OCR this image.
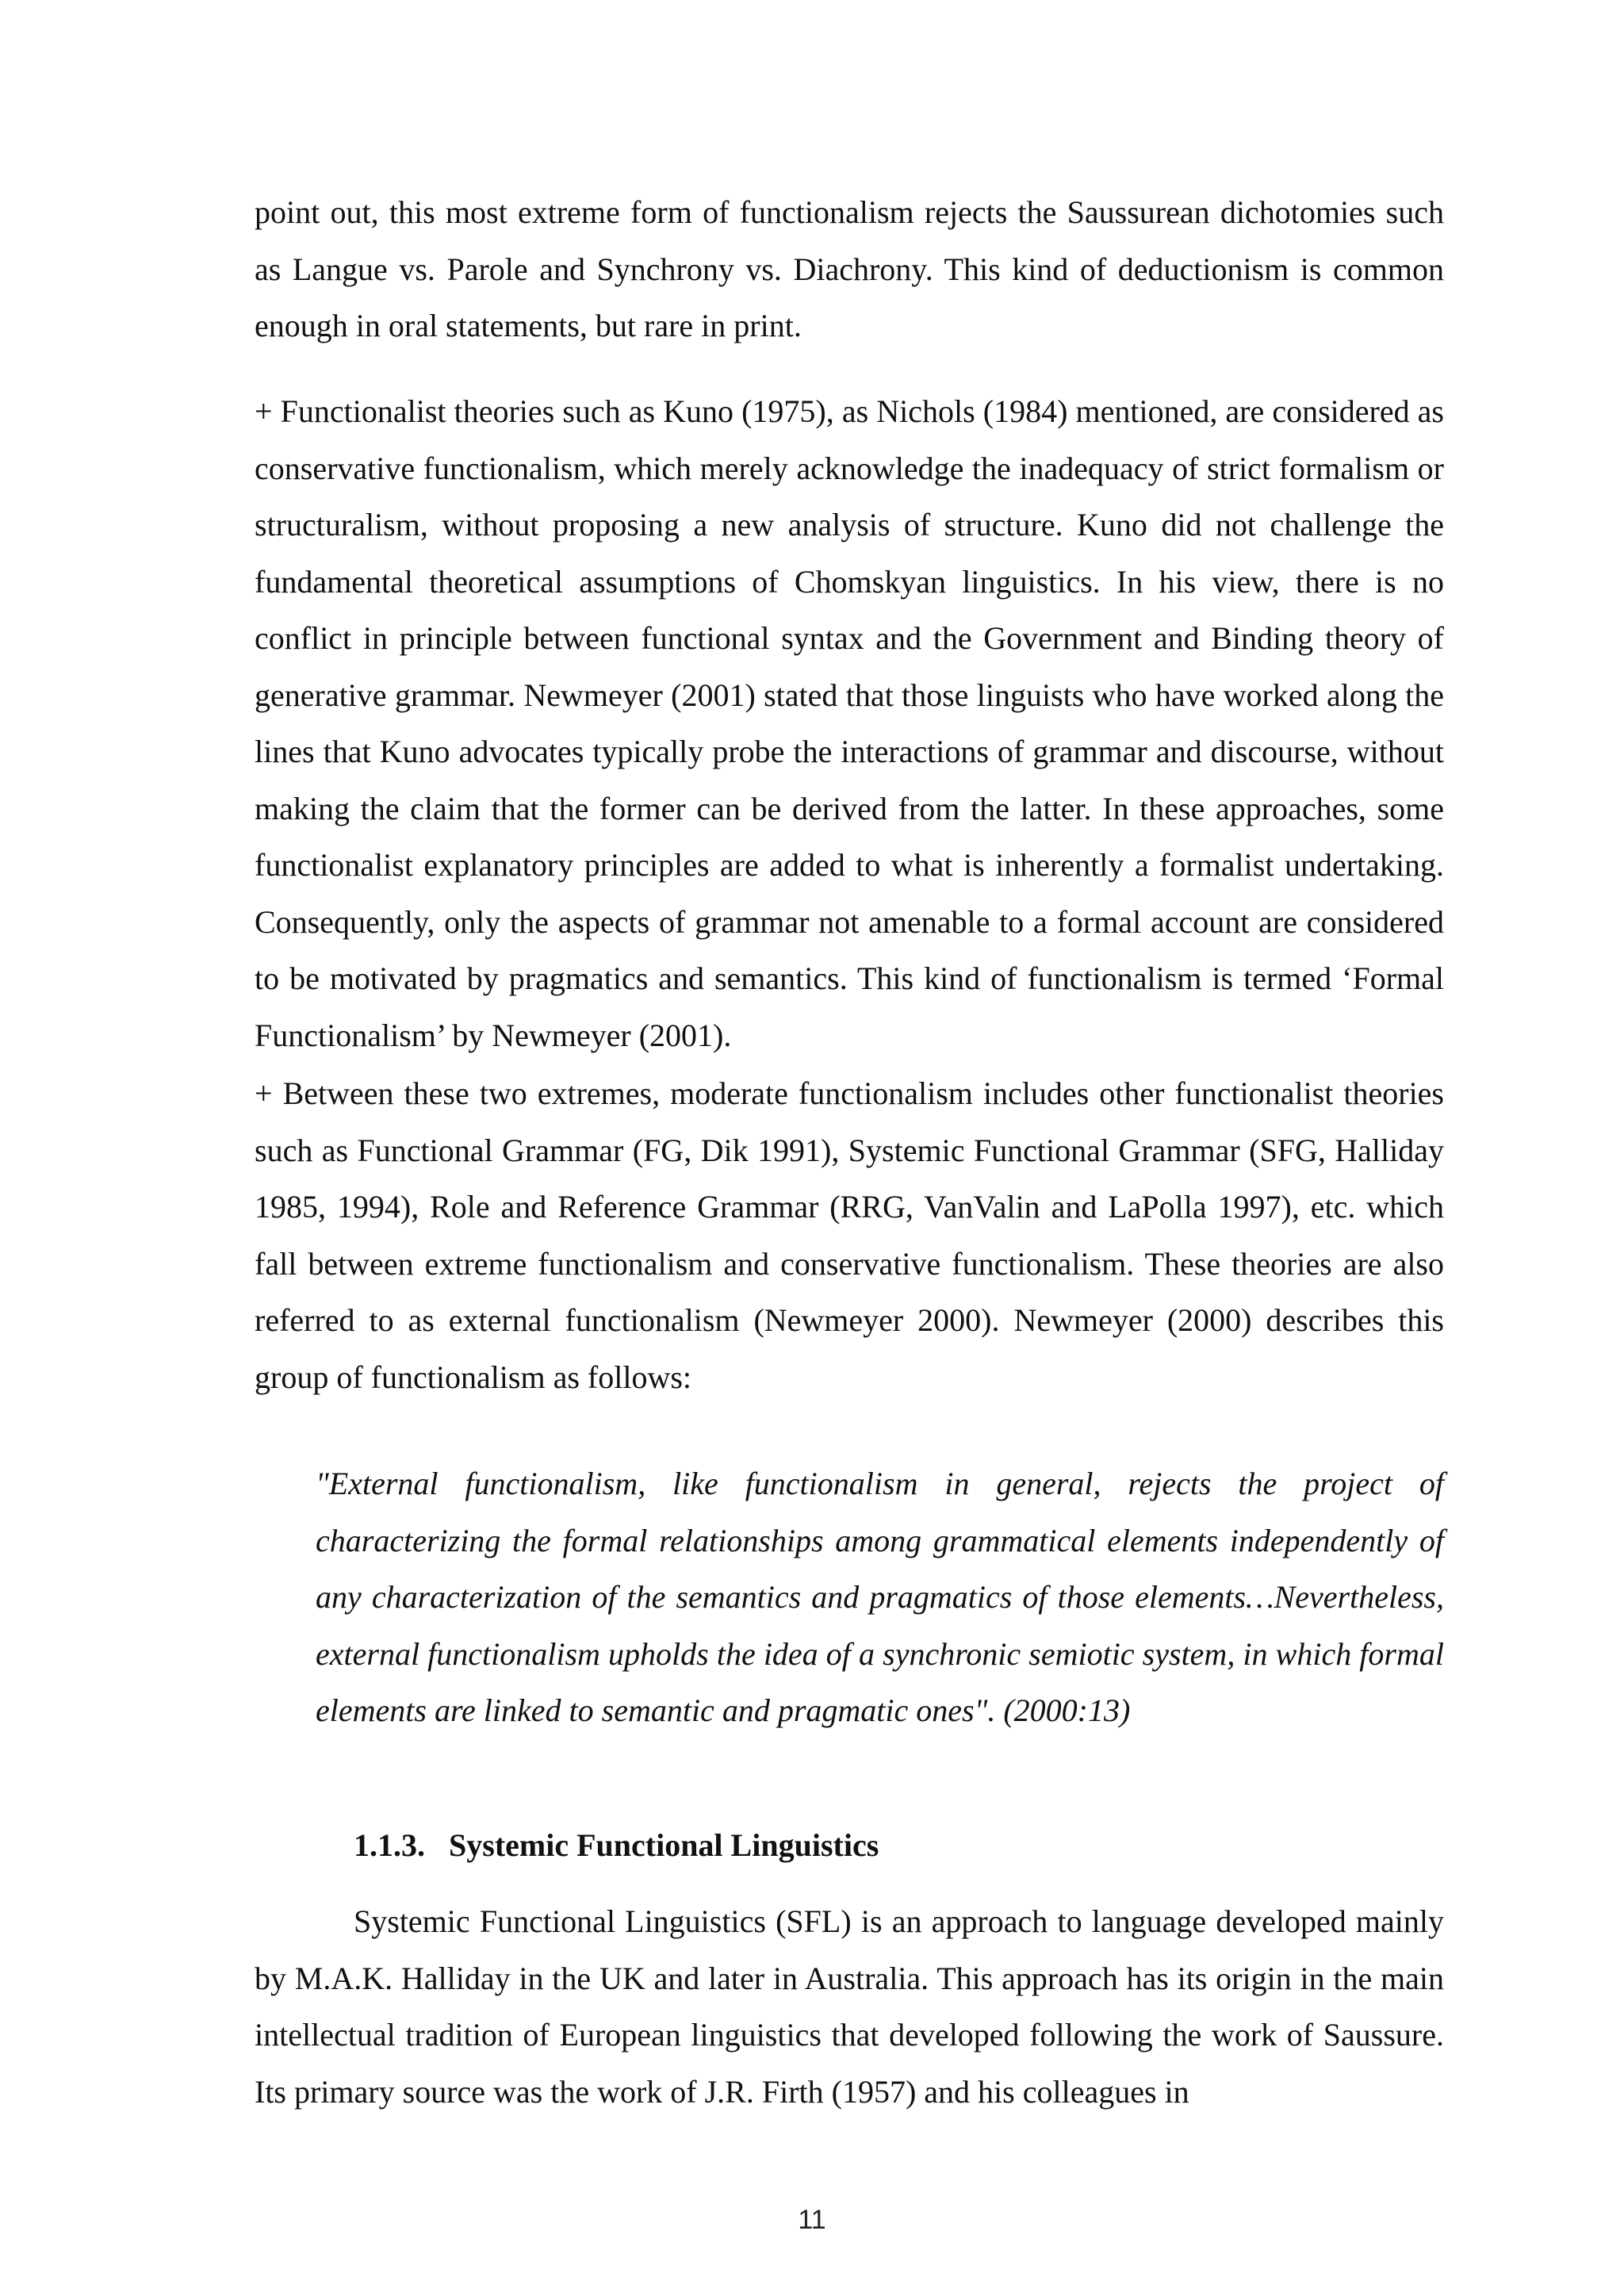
point out, this most extreme form of functionalism rejects the Saussurean dichotomies such as Langue vs. Parole and Synchrony vs. Diachrony. This kind of deductionism is common enough in oral statements, but rare in print.

+ Functionalist theories such as Kuno (1975), as Nichols (1984) mentioned, are considered as conservative functionalism, which merely acknowledge the inadequacy of strict formalism or structuralism, without proposing a new analysis of structure. Kuno did not challenge the fundamental theoretical assumptions of Chomskyan linguistics. In his view, there is no conflict in principle between functional syntax and the Government and Binding theory of generative grammar. Newmeyer (2001) stated that those linguists who have worked along the lines that Kuno advocates typically probe the interactions of grammar and discourse, without making the claim that the former can be derived from the latter. In these approaches, some functionalist explanatory principles are added to what is inherently a formalist undertaking. Consequently, only the aspects of grammar not amenable to a formal account are considered to be motivated by pragmatics and semantics. This kind of functionalism is termed ‘Formal Functionalism’ by Newmeyer (2001).

+ Between these two extremes, moderate functionalism includes other functionalist theories such as Functional Grammar (FG, Dik 1991), Systemic Functional Grammar (SFG, Halliday 1985, 1994), Role and Reference Grammar (RRG, VanValin and LaPolla 1997), etc. which fall between extreme functionalism and conservative functionalism. These theories are also referred to as external functionalism (Newmeyer 2000). Newmeyer (2000) describes this group of functionalism as follows:

"External functionalism, like functionalism in general, rejects the project of characterizing the formal relationships among grammatical elements independently of any characterization of the semantics and pragmatics of those elements…Nevertheless, external functionalism upholds the idea of a synchronic semiotic system, in which formal elements are linked to semantic and pragmatic ones". (2000:13)

1.1.3. Systemic Functional Linguistics

Systemic Functional Linguistics (SFL) is an approach to language developed mainly by M.A.K. Halliday in the UK and later in Australia. This approach has its origin in the main intellectual tradition of European linguistics that developed following the work of Saussure. Its primary source was the work of J.R. Firth (1957) and his colleagues in

11
